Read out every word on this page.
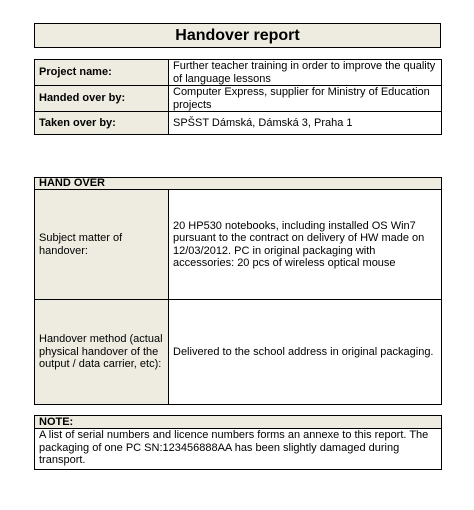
Handover report
Project name:	Further teacher training in order to improve the quality of language lessons
Handed over by:	Computer Express, supplier for Ministry of Education projects
Taken over by:	SPŠST Dámská, Dámská 3, Praha 1
HAND OVER	
Subject matter of handover:	20 HP530 notebooks, including installed OS Win7 pursuant to the contract on delivery of HW made on 12/03/2012. PC in original packaging with accessories: 20 pcs of wireless optical mouse
Handover method (actual physical handover of the output / data carrier, etc):	Delivered to the school address in original packaging.
NOTE:
A list of serial numbers and licence numbers forms an annexe to this report. The packaging of one PC SN:123456888AA has been slightly damaged during transport.
